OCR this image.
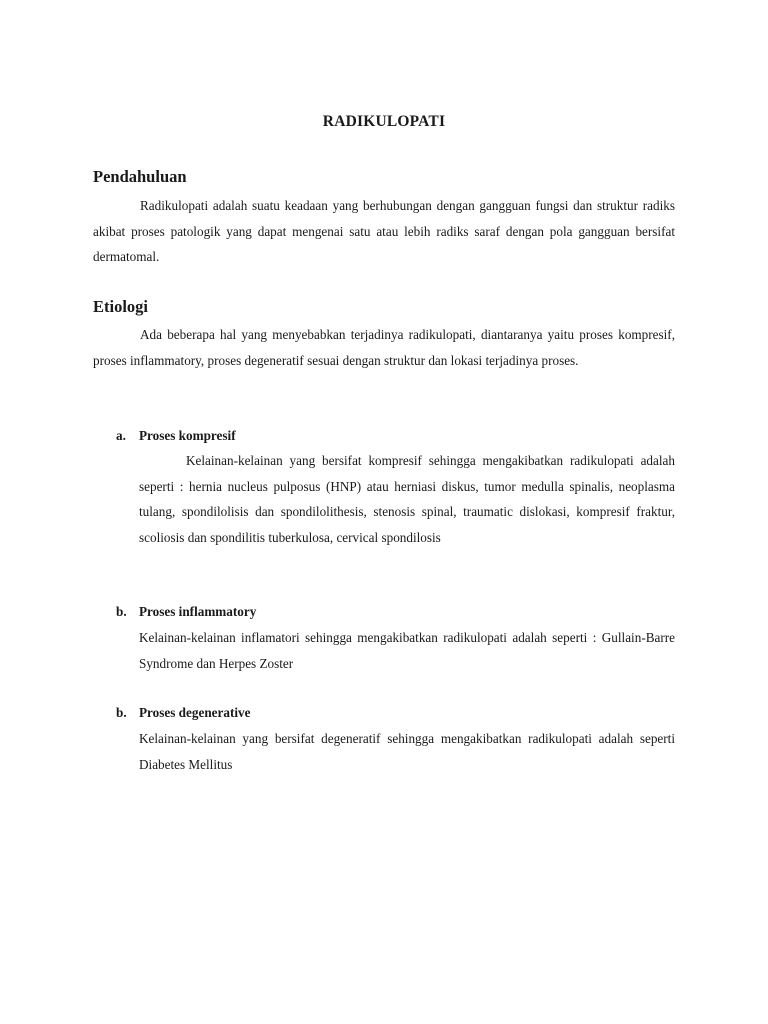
RADIKULOPATI
Pendahuluan

Radikulopati adalah suatu keadaan yang berhubungan dengan gangguan fungsi dan struktur radiks akibat proses patologik yang dapat mengenai satu atau lebih radiks saraf dengan pola gangguan bersifat dermatomal.

Etiologi

Ada beberapa hal yang menyebabkan terjadinya radikulopati, diantaranya yaitu proses kompresif, proses inflammatory, proses degeneratif sesuai dengan struktur dan lokasi terjadinya proses.

a. Proses kompresif

Kelainan-kelainan yang bersifat kompresif sehingga mengakibatkan radikulopati adalah seperti : hernia nucleus pulposus (HNP) atau herniasi diskus, tumor medulla spinalis, neoplasma tulang, spondilolisis dan spondilolithesis, stenosis spinal, traumatic dislokasi, kompresif fraktur, scoliosis dan spondilitis tuberkulosa, cervical spondilosis

b. Proses inflammatory

Kelainan-kelainan inflamatori sehingga mengakibatkan radikulopati adalah seperti : Gullain-Barre Syndrome dan Herpes Zoster

b. Proses degenerative

Kelainan-kelainan yang bersifat degeneratif sehingga mengakibatkan radikulopati adalah seperti Diabetes Mellitus
